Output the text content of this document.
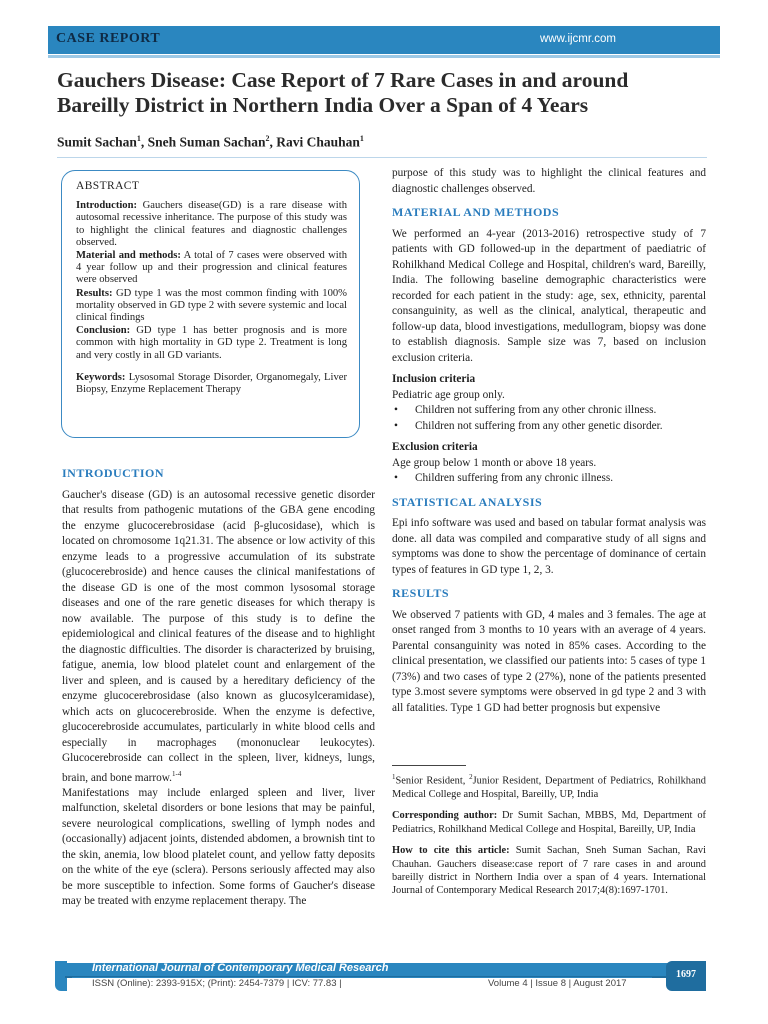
CASE REPORT	www.ijcmr.com
Gauchers Disease: Case Report of 7 Rare Cases in and around Bareilly District in Northern India Over a Span of 4 Years
Sumit Sachan$^1$, Sneh Suman Sachan$^2$, Ravi Chauhan$^1$
ABSTRACT

Introduction: Gauchers disease(GD) is a rare disease with autosomal recessive inheritance. The purpose of this study was to highlight the clinical features and diagnostic challenges observed.

Material and methods: A total of 7 cases were observed with 4 year follow up and their progression and clinical features were observed

Results: GD type 1 was the most common finding with 100% mortality observed in GD type 2 with severe systemic and local clinical findings

Conclusion: GD type 1 has better prognosis and is more common with high mortality in GD type 2. Treatment is long and very costly in all GD variants.

Keywords: Lysosomal Storage Disorder, Organomegaly, Liver Biopsy, Enzyme Replacement Therapy

INTRODUCTION

Gaucher's disease (GD) is an autosomal recessive genetic disorder that results from pathogenic mutations of the GBA gene encoding the enzyme glucocerebrosidase (acid β-glucosidase), which is located on chromosome 1q21.31. The absence or low activity of this enzyme leads to a progressive accumulation of its substrate (glucocerebroside) and hence causes the clinical manifestations of the disease GD is one of the most common lysosomal storage diseases and one of the rare genetic diseases for which therapy is now available. The purpose of this study is to define the epidemiological and clinical features of the disease and to highlight the diagnostic difficulties. The disorder is characterized by bruising, fatigue, anemia, low blood platelet count and enlargement of the liver and spleen, and is caused by a hereditary deficiency of the enzyme glucocerebrosidase (also known as glucosylceramidase), which acts on glucocerebroside. When the enzyme is defective, glucocerebroside accumulates, particularly in white blood cells and especially in macrophages (mononuclear leukocytes). Glucocerebroside can collect in the spleen, liver, kidneys, lungs, brain, and bone marrow.$^{1-4}$

Manifestations may include enlarged spleen and liver, liver malfunction, skeletal disorders or bone lesions that may be painful, severe neurological complications, swelling of lymph nodes and (occasionally) adjacent joints, distended abdomen, a brownish tint to the skin, anemia, low blood platelet count, and yellow fatty deposits on the white of the eye (sclera). Persons seriously affected may also be more susceptible to infection. Some forms of Gaucher's disease may be treated with enzyme replacement therapy. The

purpose of this study was to highlight the clinical features and diagnostic challenges observed.

MATERIAL AND METHODS

We performed an 4-year (2013-2016) retrospective study of 7 patients with GD followed-up in the department of paediatric of Rohilkhand Medical College and Hospital, children's ward, Bareilly, India. The following baseline demographic characteristics were recorded for each patient in the study: age, sex, ethnicity, parental consanguinity, as well as the clinical, analytical, therapeutic and follow-up data, blood investigations, medullogram, biopsy was done to establish diagnosis. Sample size was 7, based on inclusion exclusion criteria.

Inclusion criteria

Pediatric age group only.

• Children not suffering from any other chronic illness.
• Children not suffering from any other genetic disorder.
Exclusion criteria

Age group below 1 month or above 18 years.

• Children suffering from any chronic illness.
STATISTICAL ANALYSIS

Epi info software was used and based on tabular format analysis was done. all data was compiled and comparative study of all signs and symptoms was done to show the percentage of dominance of certain types of features in GD type 1, 2, 3.

RESULTS

We observed 7 patients with GD, 4 males and 3 females. The age at onset ranged from 3 months to 10 years with an average of 4 years. Parental consanguinity was noted in 85% cases. According to the clinical presentation, we classified our patients into: 5 cases of type 1 (73%) and two cases of type 2 (27%), none of the patients presented type 3.most severe symptoms were observed in gd type 2 and 3 with all fatalities. Type 1 GD had better prognosis but expensive

$^1$Senior Resident, $^2$Junior Resident, Department of Pediatrics, Rohilkhand Medical College and Hospital, Bareilly, UP, India

Corresponding author: Dr Sumit Sachan, MBBS, Md, Department of Pediatrics, Rohilkhand Medical College and Hospital, Bareilly, UP, India

How to cite this article: Sumit Sachan, Sneh Suman Sachan, Ravi Chauhan. Gauchers disease:case report of 7 rare cases in and around bareilly district in Northern India over a span of 4 years. International Journal of Contemporary Medical Research 2017;4(8):1697-1701.

International Journal of Contemporary Medical Research
ISSN (Online): 2393-915X; (Print): 2454-7379 | ICV: 77.83 |	Volume 4 | Issue 8 | August 2017
1697
